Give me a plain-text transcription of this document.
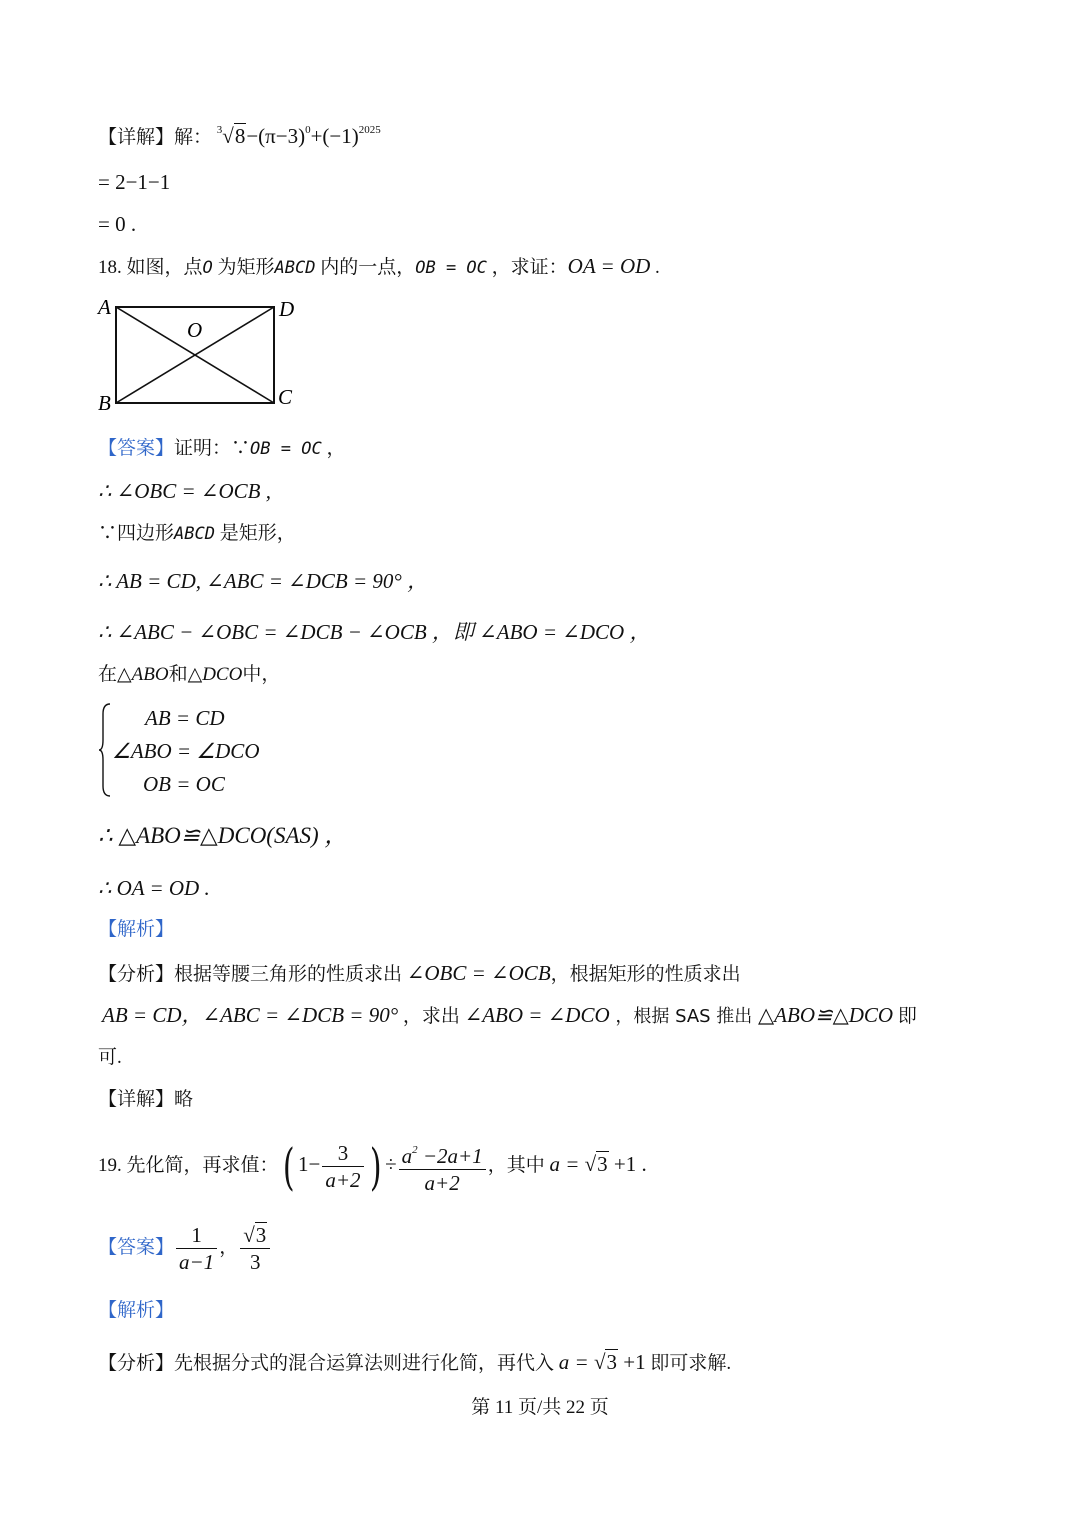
【详解】解： $^3√8-(\pi-3)^0+(-1)^{2025}$
= 2−1−1
= 0 .
18. 如图，点O 为矩形ABCD 内的一点，OB = OC ，求证：OA = OD .
A	D
B	C
O
【答案】证明：∵OB = OC ，
∴ ∠OBC = ∠OCB ,
∵四边形ABCD 是矩形，
∴ AB = CD, ∠ABC = ∠DCB = 90° ，
∴ ∠ABC − ∠OBC = ∠DCB − ∠OCB ，即 ∠ABO = ∠DCO ，
在△ABO和△DCO中，
AB = CD
∠ABO = ∠DCO
OB = OC
∴ △ABO≌△DCO(SAS) ，
∴ OA = OD .
【解析】
【分析】根据等腰三角形的性质求出 ∠OBC = ∠OCB，根据矩形的性质求出
AB = CD，∠ABC = ∠DCB = 90° ，求出 ∠ABO = ∠DCO ，根据 SAS 推出 △ABO≌△DCO 即
可.
【详解】略
19. 先化简，再求值：( $1- \frac{3}{a+2}$ ) ÷ $\frac{a^2 -2a+1}{a+2}$ ，其中 a = √3 +1 .
【答案】 $\frac{1}{a-1}$ ， $\frac{√3}{3}$
【解析】
【分析】先根据分式的混合运算法则进行化简，再代入 a = √3 +1 即可求解.
第 11 页/共 22 页
